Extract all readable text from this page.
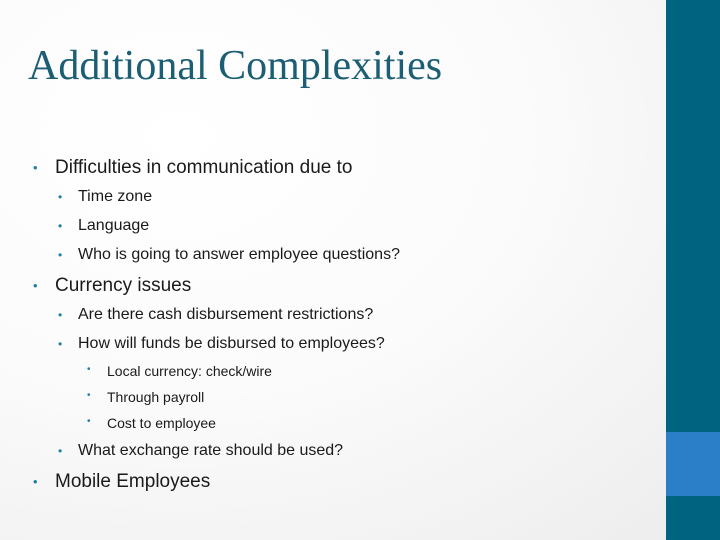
Additional Complexities
• Difficulties in communication due to
• Time zone
• Language
• Who is going to answer employee questions?
• Currency issues
• Are there cash disbursement restrictions?
• How will funds be disbursed to employees?
• Local currency: check/wire
• Through payroll
• Cost to employee
• What exchange rate should be used?
• Mobile Employees
